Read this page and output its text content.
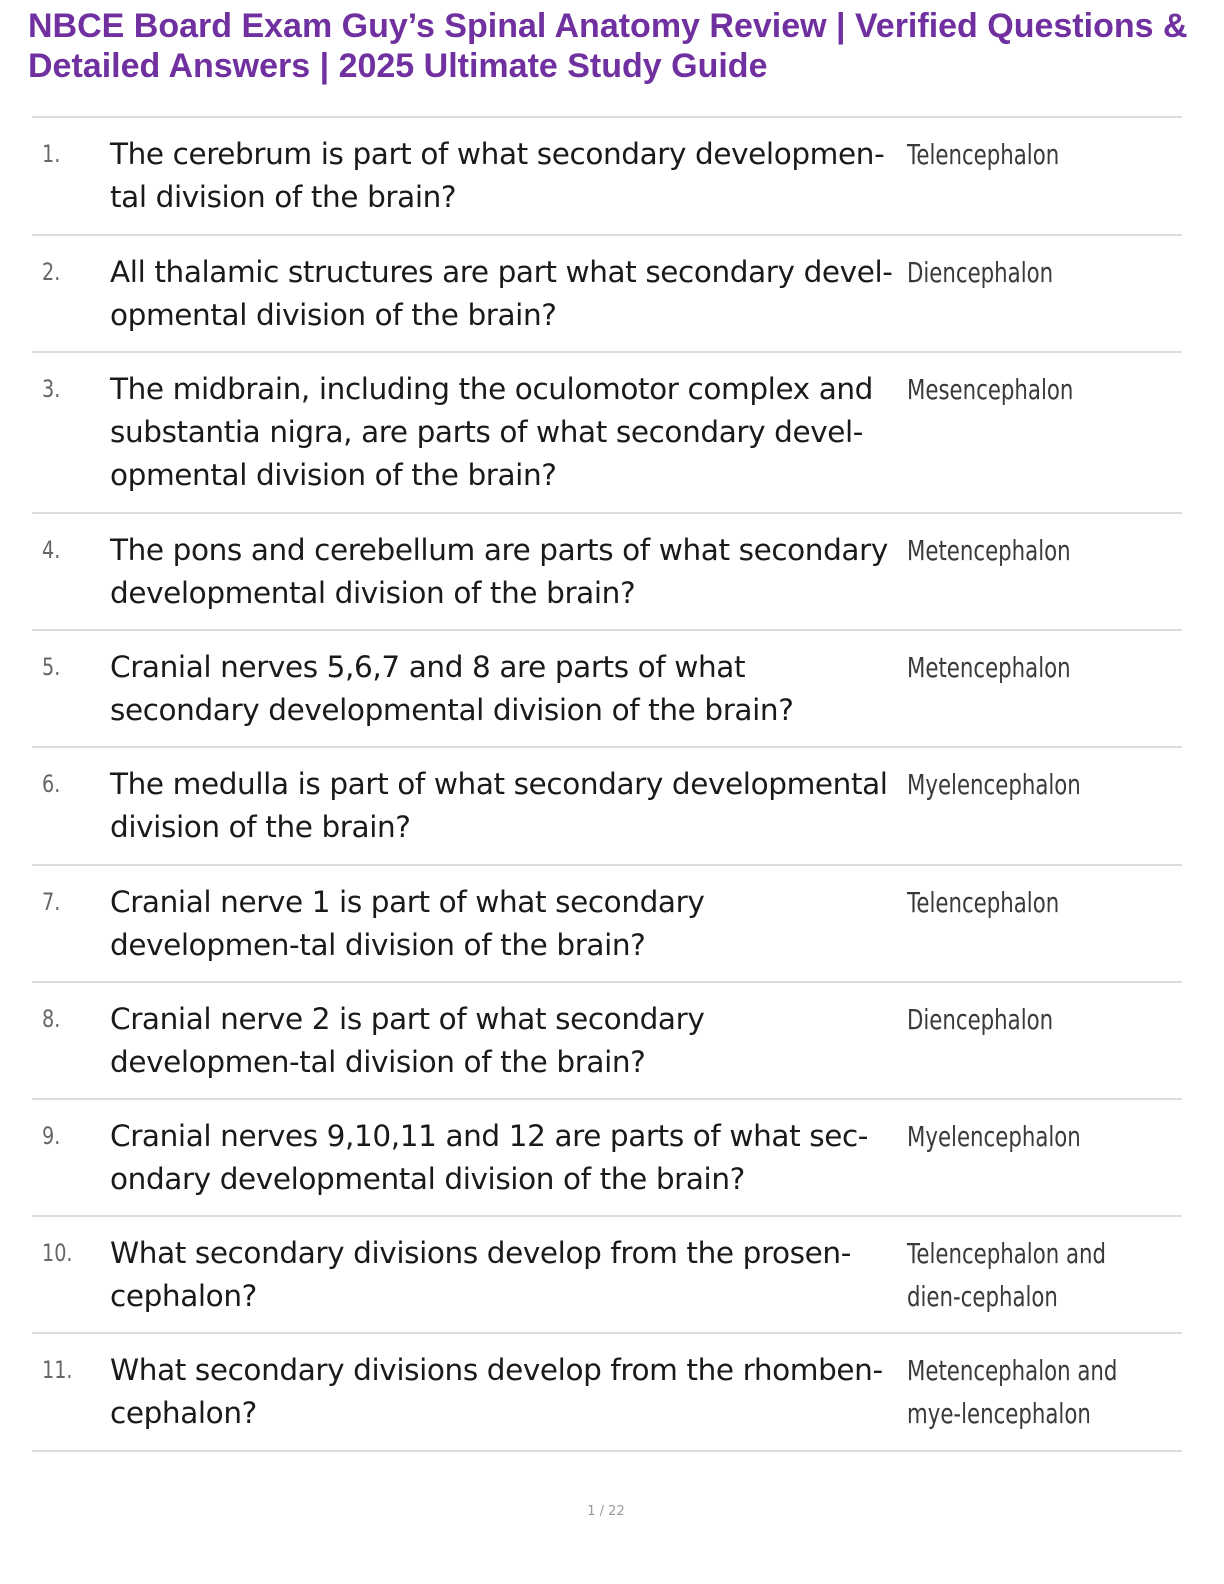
NBCE Board Exam Guy’s Spinal Anatomy Review | Verified Questions & Detailed Answers | 2025 Ultimate Study Guide
1. The cerebrum is part of what secondary developmen-tal division of the brain?
Telencephalon
2. All thalamic structures are part what secondary devel-opmental division of the brain?
Diencephalon
3. The midbrain, including the oculomotor complex and substantia nigra, are parts of what secondary devel-opmental division of the brain?
Mesencephalon
4. The pons and cerebellum are parts of what secondary developmental division of the brain?
Metencephalon
5. Cranial nerves 5,6,7 and 8 are parts of what secondary developmental division of the brain?
Metencephalon
6. The medulla is part of what secondary developmental division of the brain?
Myelencephalon
7. Cranial nerve 1 is part of what secondary developmen-tal division of the brain?
Telencephalon
8. Cranial nerve 2 is part of what secondary developmen-tal division of the brain?
Diencephalon
9. Cranial nerves 9,10,11 and 12 are parts of what sec-ondary developmental division of the brain?
Myelencephalon
10. What secondary divisions develop from the prosen-cephalon?
Telencephalon and dien-cephalon
11. What secondary divisions develop from the rhomben-cephalon?
Metencephalon and mye-lencephalon
1 / 22
